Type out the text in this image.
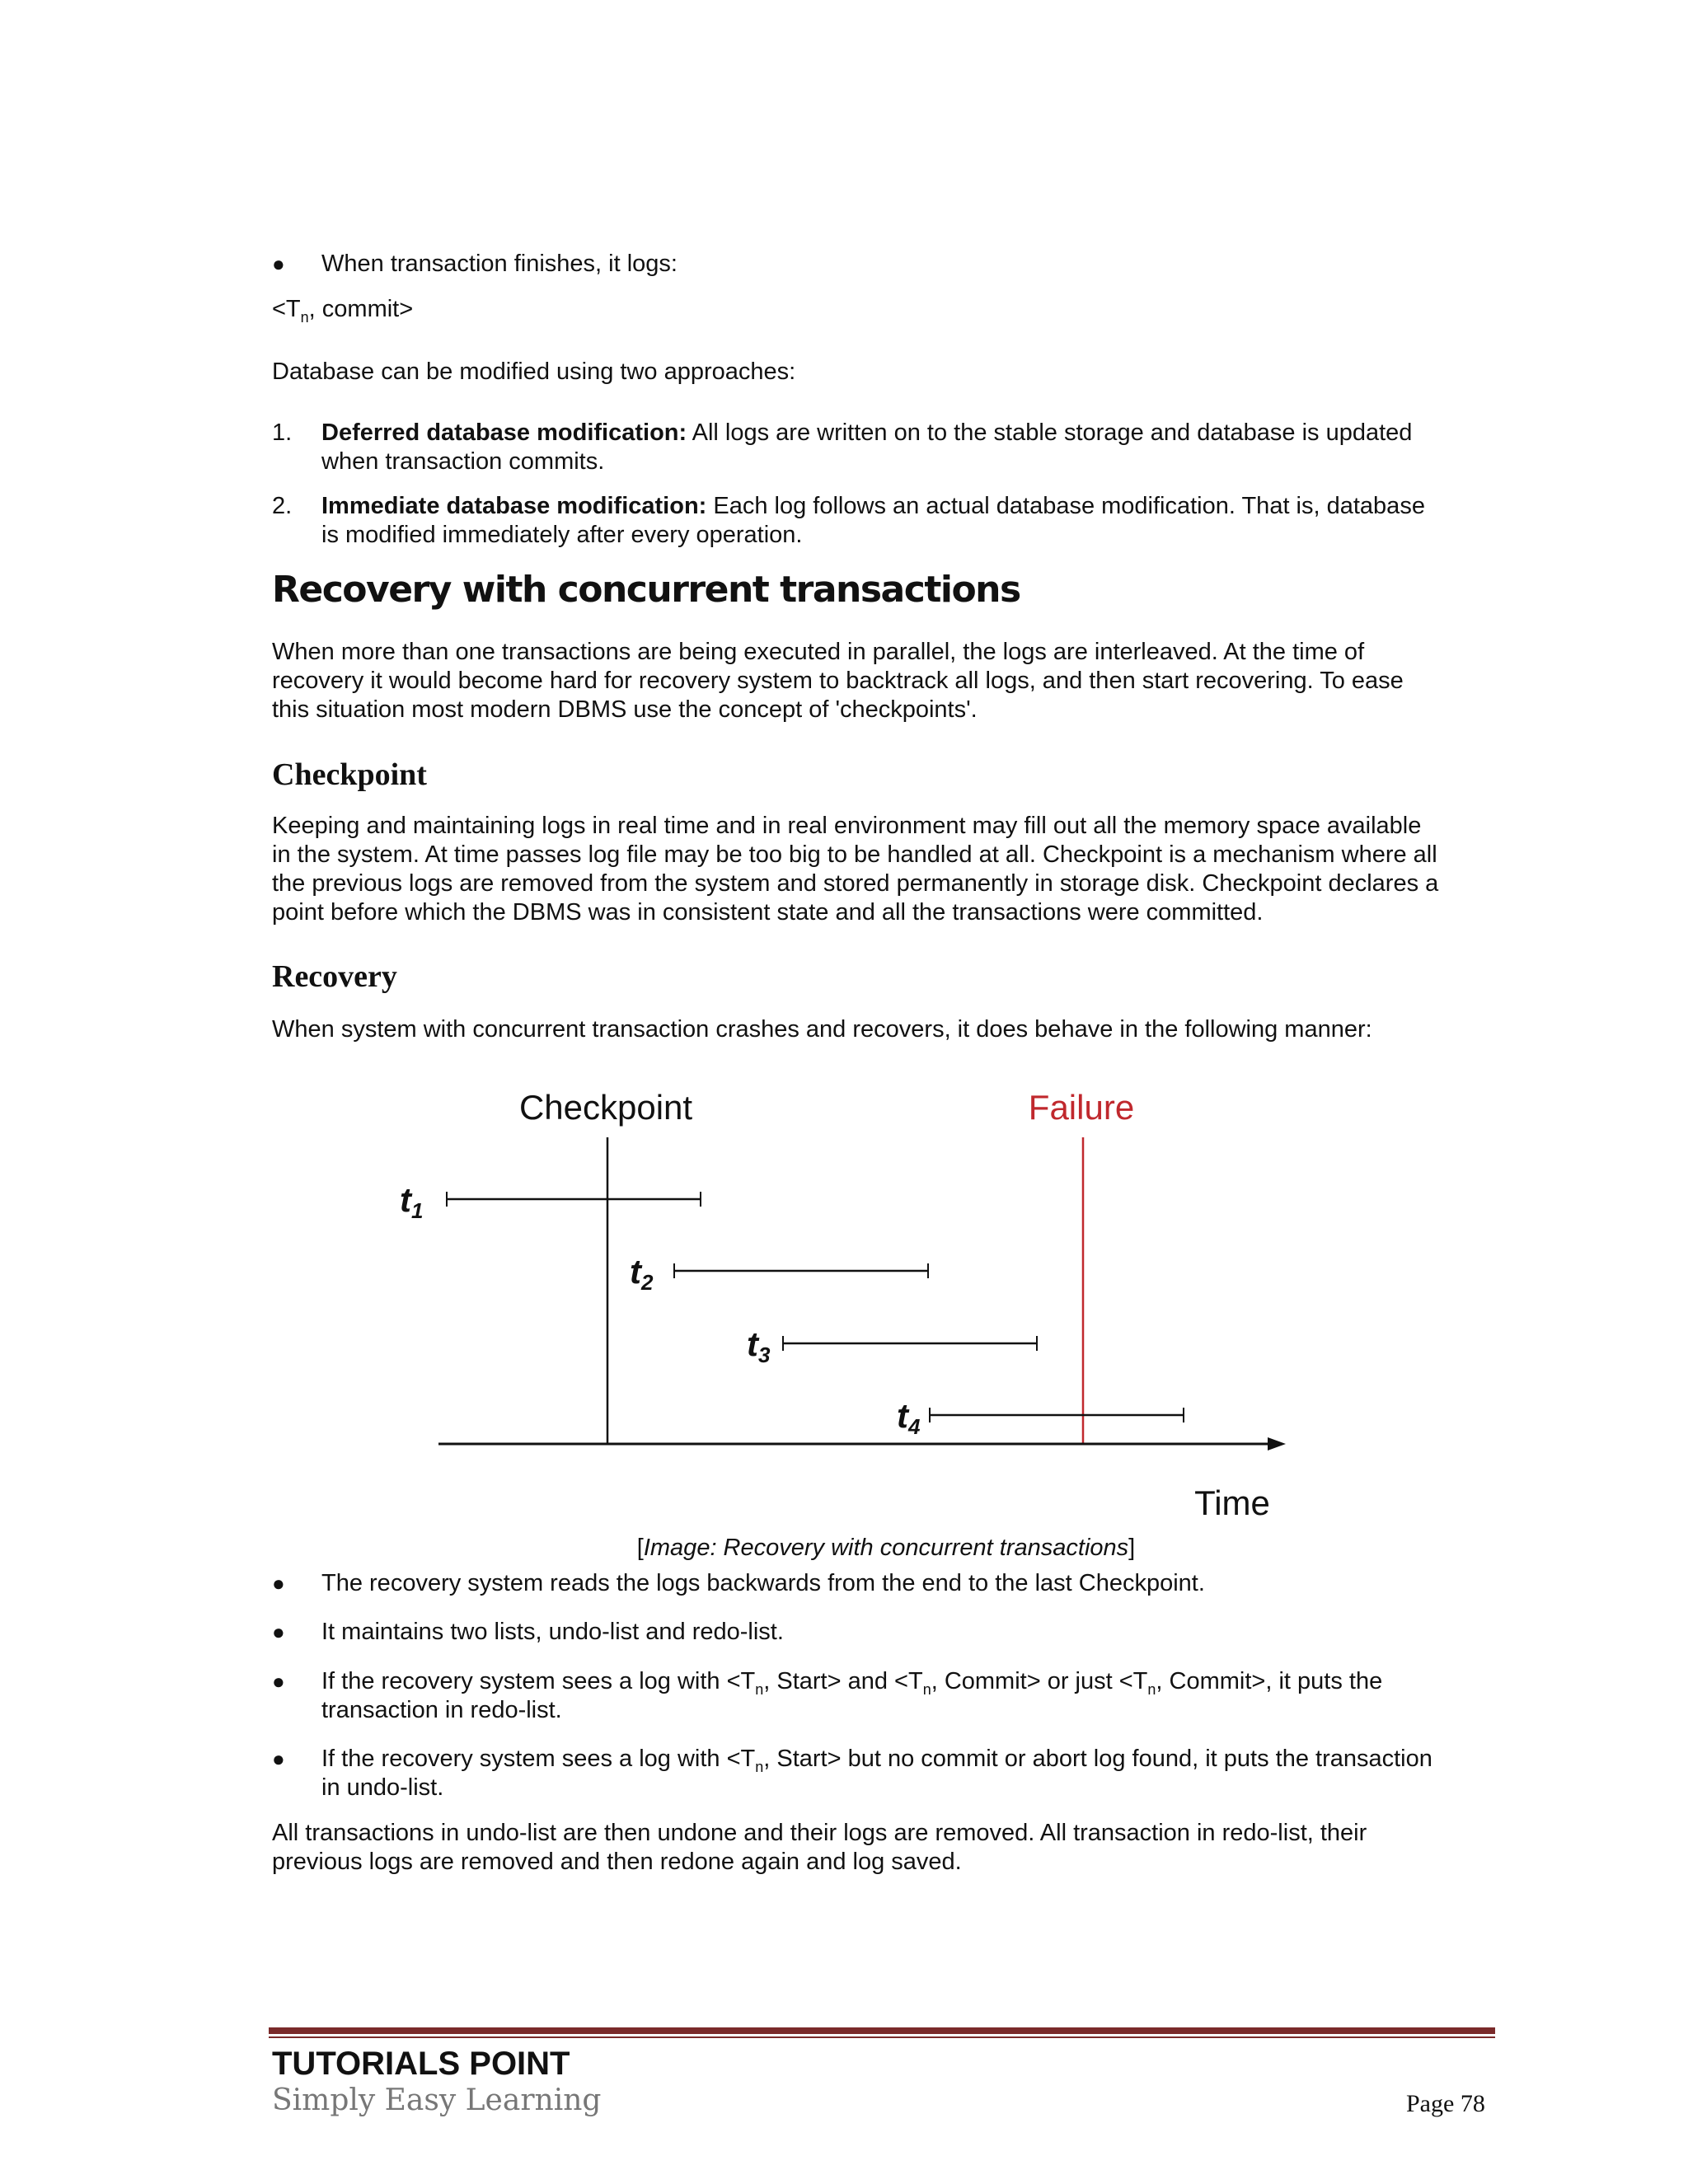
● When transaction finishes, it logs:
$<T_n$, commit>
Database can be modified using two approaches:
1. Deferred database modification: All logs are written on to the stable storage and database is updated
when transaction commits.
2. Immediate database modification: Each log follows an actual database modification. That is, database
is modified immediately after every operation.
Recovery with concurrent transactions
When more than one transactions are being executed in parallel, the logs are interleaved. At the time of
recovery it would become hard for recovery system to backtrack all logs, and then start recovering. To ease
this situation most modern DBMS use the concept of 'checkpoints'.
Checkpoint
Keeping and maintaining logs in real time and in real environment may fill out all the memory space available
in the system. At time passes log file may be too big to be handled at all. Checkpoint is a mechanism where all
the previous logs are removed from the system and stored permanently in storage disk. Checkpoint declares a
point before which the DBMS was in consistent state and all the transactions were committed.
Recovery
When system with concurrent transaction crashes and recovers, it does behave in the following manner:
Checkpoint	Failure
Time
t1
t2
t3
t4
[Image: Recovery with concurrent transactions]
● The recovery system reads the logs backwards from the end to the last Checkpoint.
● It maintains two lists, undo-list and redo-list.
● If the recovery system sees a log with $<T_n$, Start> and $<T_n$, Commit> or just $<T_n$, Commit>, it puts the
transaction in redo-list.
● If the recovery system sees a log with $<T_n$, Start> but no commit or abort log found, it puts the transaction
in undo-list.
All transactions in undo-list are then undone and their logs are removed. All transaction in redo-list, their
previous logs are removed and then redone again and log saved.
TUTORIALS POINT
Simply Easy Learning	Page 78
